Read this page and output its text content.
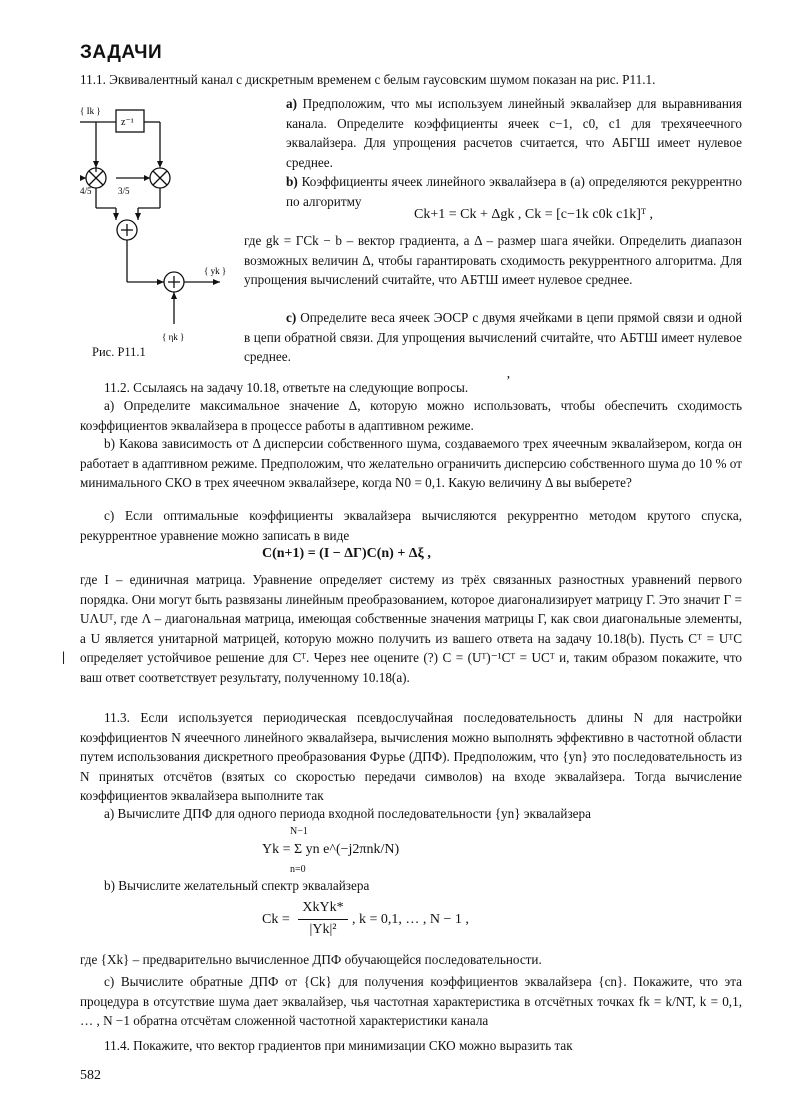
ЗАДАЧИ

11.1. Эквивалентный канал с дискретным временем с белым гаусовским шумом показан на рис. P11.1.

{ Ik }
z⁻¹
4/5	3/5
{ yk }
{ ηk }
Рис. P11.1

a) Предположим, что мы используем линейный эквалайзер для выравнивания канала. Определите коэффициенты ячеек c−1, c0, c1 для трехячеечного эквалайзера. Для упрощения расчетов считается, что АБГШ имеет нулевое среднее.

b) Коэффициенты ячеек линейного эквалайзера в (а) определяются рекуррентно по алгоритму

Ck+1 = Ck + Δgk , Ck = [c−1k c0k c1k]ᵀ ,

где gk = ΓCk − b – вектор градиента, а Δ – размер шага ячейки. Определить диапазон возможных величин Δ, чтобы гарантировать сходимость рекуррентного алгоритма. Для упрощения вычислений считайте, что АБТШ имеет нулевое среднее.

c) Определите веса ячеек ЭОСР с двумя ячейками в цепи прямой связи и одной в цепи обратной связи. Для упрощения вычислений считайте, что АБТШ имеет нулевое среднее.

11.2. Ссылаясь на задачу 10.18, ответьте на следующие вопросы.	ʼ

a) Определите максимальное значение Δ, которую можно использовать, чтобы обеспечить сходимость коэффициентов эквалайзера в процессе работы в адаптивном режиме.

b) Какова зависимость от Δ дисперсии собственного шума, создаваемого трех ячеечным эквалайзером, когда он работает в адаптивном режиме. Предположим, что желательно ограничить дисперсию собственного шума до 10 % от минимального СКО в трех ячеечном эквалайзере, когда N0 = 0,1. Какую величину Δ вы выберете?

c) Если оптимальные коэффициенты эквалайзера вычисляются рекуррентно методом крутого спуска, рекуррентное уравнение можно записать в виде

C(n+1) = (I − ΔΓ)C(n) + Δξ ,

где I – единичная матрица. Уравнение определяет систему из трёх связанных разностных уравнений первого порядка. Они могут быть развязаны линейным преобразованием, которое диагонализирует матрицу Γ. Это значит Γ = UΛUᵀ, где Λ – диагональная матрица, имеющая собственные значения матрицы Γ, как свои диагональные элементы, а U является унитарной матрицей, которую можно получить из вашего ответа на задачу 10.18(b). Пусть Cᵀ = UᵀC определяет устойчивое решение для Cᵀ. Через нее оцените (?) C = (Uᵀ)⁻¹Cᵀ = UCᵀ и, таким образом покажите, что ваш ответ соответствует результату, полученному 10.18(a).

|

11.3. Если используется периодическая псевдослучайная последовательность длины N для настройки коэффициентов N ячеечного линейного эквалайзера, вычисления можно выполнять эффективно в частотной области путем использования дискретного преобразования Фурье (ДПФ). Предположим, что {yn} это последовательность из N принятых отсчётов (взятых со скоростью передачи символов) на входе эквалайзера. Тогда вычисление коэффициентов эквалайзера выполните так

a) Вычислите ДПФ для одного периода входной последовательности {yn} эквалайзера

Yk = Σ yn e^(−j2πnk/N)
N−1
n=0

b) Вычислите желательный спектр эквалайзера

Ck =
XkYk*
|Yk|²
, k = 0,1, … , N − 1 ,

где {Xk} – предварительно вычисленное ДПФ обучающейся последовательности.

c) Вычислите обратные ДПФ от {Ck} для получения коэффициентов эквалайзера {cn}. Покажите, что эта процедура в отсутствие шума дает эквалайзер, чья частотная характеристика в отсчётных точках fk = k/NT, k = 0,1, … , N −1 обратна отсчётам сложенной частотной характеристики канала

11.4. Покажите, что вектор градиентов при минимизации СКО можно выразить так

582
